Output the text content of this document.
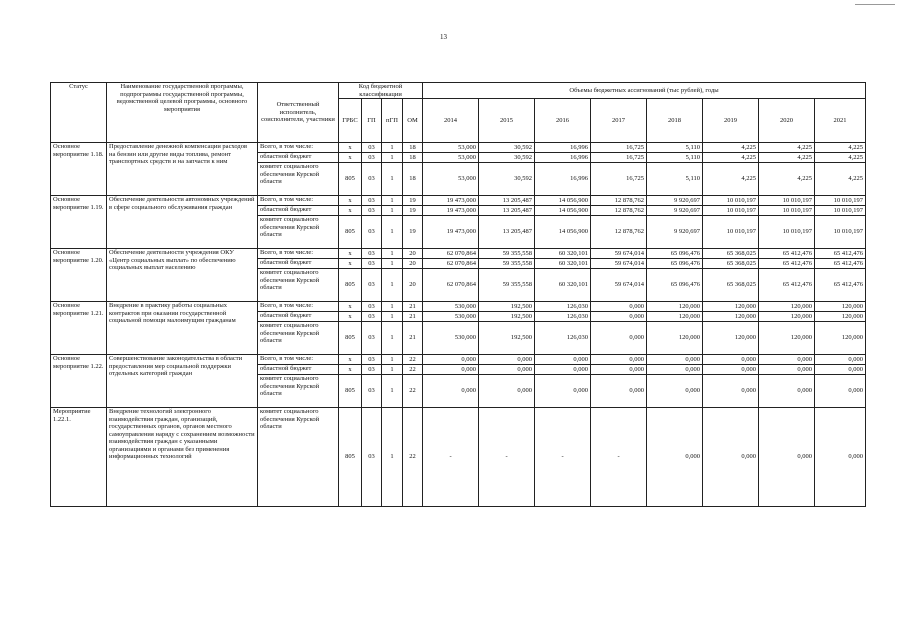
13
Статус	Наименование государственной программы, подпрограммы государственной программы, ведомственной целевой программы, основного мероприятия	Ответственный исполнитель, соисполнители, участники	Код бюджетной классификации				Объемы бюджетных ассигнований (тыс рублей), годы							
			ГРБС	ГП	пГП	ОМ	2014	2015	2016	2017	2018	2019	2020	2021
Основное мероприятие 1.18.	Предоставление денежной компенсации расходов на бензин или другие виды топлива, ремонт транспортных средств и на запчасти к ним	Всего, в том числе:	х	03	1	18	53,000	30,592	16,996	16,725	5,110	4,225	4,225	4,225
		областной бюджет	х	03	1	18	53,000	30,592	16,996	16,725	5,110	4,225	4,225	4,225
		комитет социального обеспечения Курской области	805	03	1	18	53,000	30,592	16,996	16,725	5,110	4,225	4,225	4,225
Основное мероприятие 1.19.	Обеспечение деятельности автономных учреждений в сфере социального обслуживания граждан	Всего, в том числе:	х	03	1	19	19 473,000	13 205,487	14 056,900	12 878,762	9 920,697	10 010,197	10 010,197	10 010,197
		областной бюджет	х	03	1	19	19 473,000	13 205,487	14 056,900	12 878,762	9 920,697	10 010,197	10 010,197	10 010,197
		комитет социального обеспечения Курской области	805	03	1	19	19 473,000	13 205,487	14 056,900	12 878,762	9 920,697	10 010,197	10 010,197	10 010,197
Основное мероприятие 1.20.	Обеспечение деятельности учреждения ОКУ «Центр социальных выплат» по обеспечению социальных выплат населению	Всего, в том числе:	х	03	1	20	62 070,864	59 355,558	60 320,101	59 674,014	65 096,476	65 368,025	65 412,476	65 412,476
		областной бюджет	х	03	1	20	62 070,864	59 355,558	60 320,101	59 674,014	65 096,476	65 368,025	65 412,476	65 412,476
		комитет социального обеспечения Курской области	805	03	1	20	62 070,864	59 355,558	60 320,101	59 674,014	65 096,476	65 368,025	65 412,476	65 412,476
Основное мероприятие 1.21.	Внедрение в практику работы социальных контрактов при оказании государственной социальной помощи малоимущим гражданам	Всего, в том числе:	х	03	1	21	530,000	192,500	126,030	0,000	120,000	120,000	120,000	120,000
		областной бюджет	х	03	1	21	530,000	192,500	126,030	0,000	120,000	120,000	120,000	120,000
		комитет социального обеспечения Курской области	805	03	1	21	530,000	192,500	126,030	0,000	120,000	120,000	120,000	120,000
Основное мероприятие 1.22.	Совершенствование законодательства в области предоставления мер социальной поддержки отдельных категорий граждан	Всего, в том числе:	х	03	1	22	0,000	0,000	0,000	0,000	0,000	0,000	0,000	0,000
		областной бюджет	х	03	1	22	0,000	0,000	0,000	0,000	0,000	0,000	0,000	0,000
		комитет социального обеспечения Курской области	805	03	1	22	0,000	0,000	0,000	0,000	0,000	0,000	0,000	0,000
Мероприятие 1.22.1.	Внедрение технологий электронного взаимодействия граждан, организаций, государственных органов, органов местного самоуправления наряду с сохранением возможности взаимодействия граждан с указанными организациями и органами без применения информационных технологий	комитет социального обеспечения Курской области	805	03	1	22	-	-	-	-	0,000	0,000	0,000	0,000
